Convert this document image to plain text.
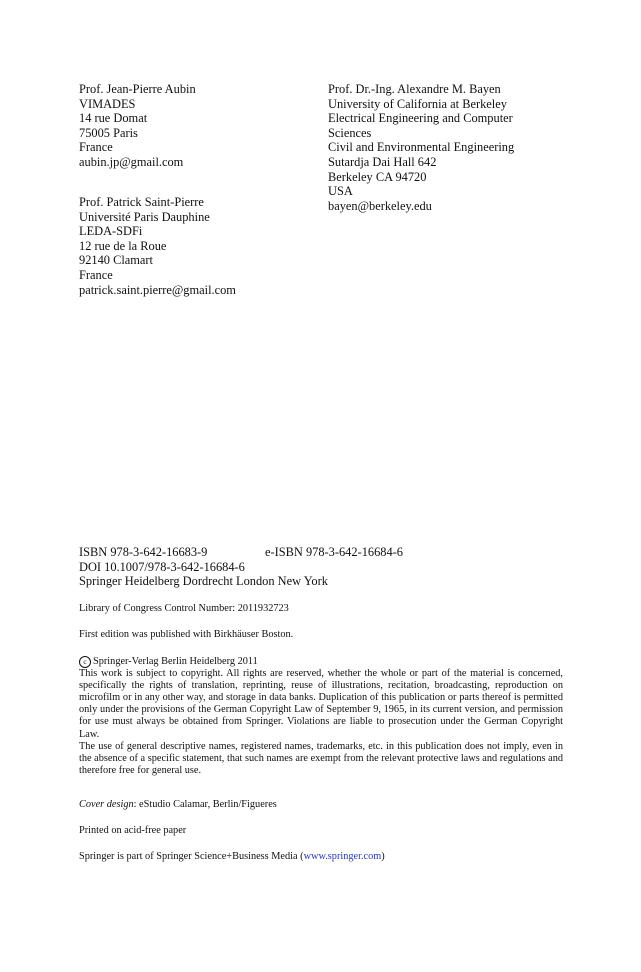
Prof. Jean-Pierre Aubin
VIMADES
14 rue Domat
75005 Paris
France
aubin.jp@gmail.com
Prof. Patrick Saint-Pierre
Université Paris Dauphine
LEDA-SDFi
12 rue de la Roue
92140 Clamart
France
patrick.saint.pierre@gmail.com
Prof. Dr.-Ing. Alexandre M. Bayen
University of California at Berkeley
Electrical Engineering and Computer
Sciences
Civil and Environmental Engineering
Sutardja Dai Hall 642
Berkeley CA 94720
USA
bayen@berkeley.edu
ISBN 978-3-642-16683-9	e-ISBN 978-3-642-16684-6
DOI 10.1007/978-3-642-16684-6
Springer Heidelberg Dordrecht London New York
Library of Congress Control Number: 2011932723
First edition was published with Birkhäuser Boston.

c Springer-Verlag Berlin Heidelberg 2011

This work is subject to copyright. All rights are reserved, whether the whole or part of the material is concerned, specifically the rights of translation, reprinting, reuse of illustrations, recitation, broadcasting, reproduction on microfilm or in any other way, and storage in data banks. Duplication of this publication or parts thereof is permitted only under the provisions of the German Copyright Law of September 9, 1965, in its current version, and permission for use must always be obtained from Springer. Violations are liable to prosecution under the German Copyright Law.

The use of general descriptive names, registered names, trademarks, etc. in this publication does not imply, even in the absence of a specific statement, that such names are exempt from the relevant protective laws and regulations and therefore free for general use.

Cover design: eStudio Calamar, Berlin/Figueres
Printed on acid-free paper
Springer is part of Springer Science+Business Media (www.springer.com)
